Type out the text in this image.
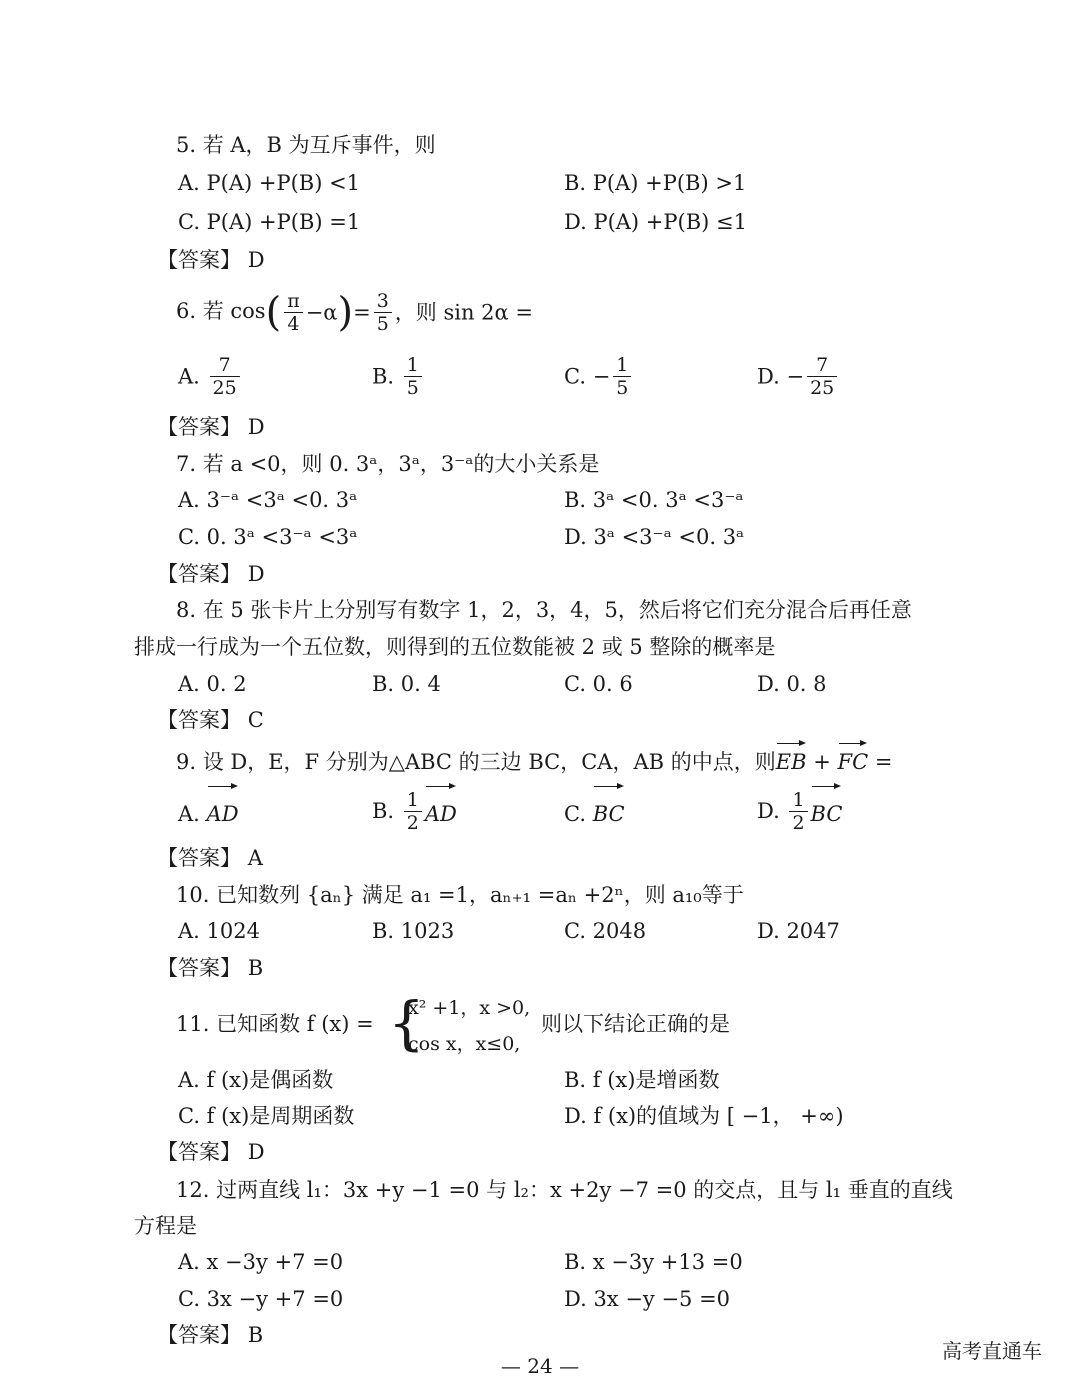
5. 若 A，B 为互斥事件，则
A. P(A) +P(B) <1	B. P(A) +P(B) >1
C. P(A) +P(B) =1	D. P(A) +P(B) ≤1
【答案】 D
6. 若 $\cos( \frac{\pi}{4} -\alpha)= \frac{3}{5}$ ，则 sin 2α =
A. $\frac{7}{25}$	B. $\frac{1}{5}$	C. − $\frac{1}{5}$	D. − $\frac{7}{25}$
【答案】 D
7. 若 a <0，则 0. 3ᵃ，3ᵃ，3⁻ᵃ的大小关系是
A. 3⁻ᵃ <3ᵃ <0. 3ᵃ	B. 3ᵃ <0. 3ᵃ <3⁻ᵃ
C. 0. 3ᵃ <3⁻ᵃ <3ᵃ	D. 3ᵃ <3⁻ᵃ <0. 3ᵃ
【答案】 D
8. 在 5 张卡片上分别写有数字 1，2，3，4，5，然后将它们充分混合后再任意
排成一行成为一个五位数，则得到的五位数能被 2 或 5 整除的概率是
A. 0. 2	B. 0. 4	C. 0. 6	D. 0. 8
【答案】 C
9. 设 D，E，F 分别为△ABC 的三边 BC，CA，AB 的中点，则EB + FC =
A. AD	B. $\frac{1}{2}$ AD	C. BC	D. $\frac{1}{2}$ BC
【答案】 A
10. 已知数列 {aₙ} 满足 a₁ =1，aₙ₊₁ =aₙ +2ⁿ，则 a₁₀等于
A. 1024	B. 1023	C. 2048	D. 2047
【答案】 B
11. 已知函数 f (x) = {
x² +1，x >0,
cos x，x≤0,
则以下结论正确的是
A. f (x)是偶函数	B. f (x)是增函数
C. f (x)是周期函数	D. f (x)的值域为 [ −1， +∞)
【答案】 D
12. 过两直线 l₁：3x +y −1 =0 与 l₂：x +2y −7 =0 的交点，且与 l₁ 垂直的直线
方程是
A. x −3y +7 =0	B. x −3y +13 =0
C. 3x −y +7 =0	D. 3x −y −5 =0
【答案】 B
— 24 —
高考直通车
